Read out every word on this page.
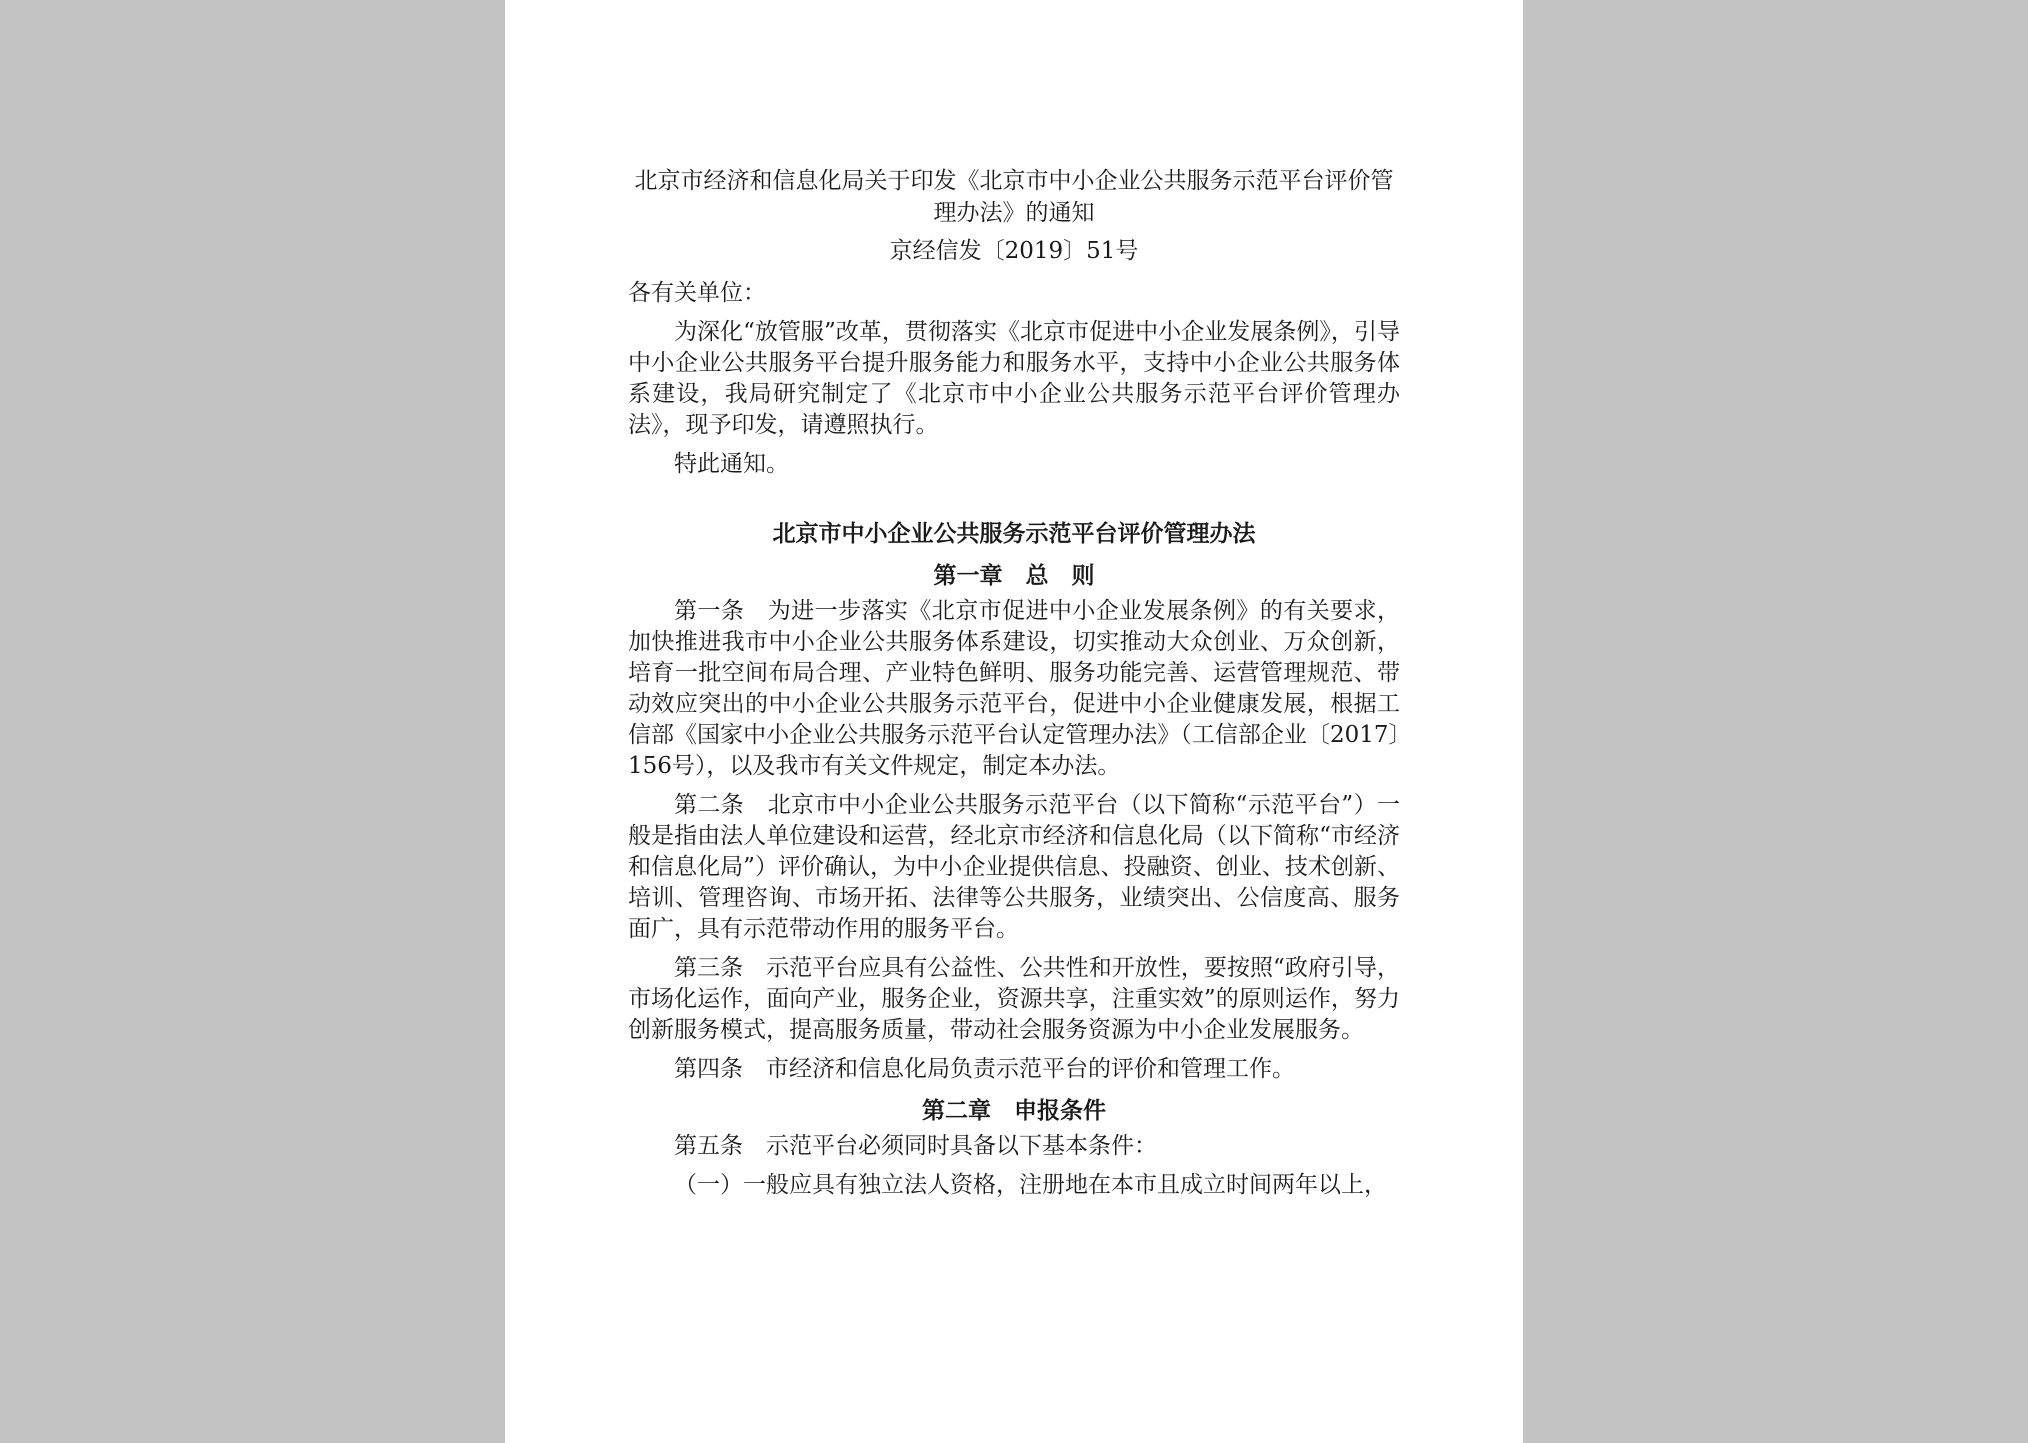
北京市经济和信息化局关于印发《北京市中小企业公共服务示范平台评价管理办法》的通知
京经信发〔2019〕51号
各有关单位：

为深化“放管服”改革，贯彻落实《北京市促进中小企业发展条例》，引导中小企业公共服务平台提升服务能力和服务水平，支持中小企业公共服务体系建设，我局研究制定了《北京市中小企业公共服务示范平台评价管理办法》，现予印发，请遵照执行。

特此通知。

北京市中小企业公共服务示范平台评价管理办法
第一章　总　则

第一条　为进一步落实《北京市促进中小企业发展条例》的有关要求，加快推进我市中小企业公共服务体系建设，切实推动大众创业、万众创新，培育一批空间布局合理、产业特色鲜明、服务功能完善、运营管理规范、带动效应突出的中小企业公共服务示范平台，促进中小企业健康发展，根据工信部《国家中小企业公共服务示范平台认定管理办法》（工信部企业〔2017〕156号），以及我市有关文件规定，制定本办法。

第二条　北京市中小企业公共服务示范平台（以下简称“示范平台”）一般是指由法人单位建设和运营，经北京市经济和信息化局（以下简称“市经济和信息化局”）评价确认，为中小企业提供信息、投融资、创业、技术创新、培训、管理咨询、市场开拓、法律等公共服务，业绩突出、公信度高、服务面广，具有示范带动作用的服务平台。

第三条　示范平台应具有公益性、公共性和开放性，要按照“政府引导，市场化运作，面向产业，服务企业，资源共享，注重实效”的原则运作，努力创新服务模式，提高服务质量，带动社会服务资源为中小企业发展服务。

第四条　市经济和信息化局负责示范平台的评价和管理工作。

第二章　申报条件

第五条　示范平台必须同时具备以下基本条件：

（一）一般应具有独立法人资格，注册地在本市且成立时间两年以上，
